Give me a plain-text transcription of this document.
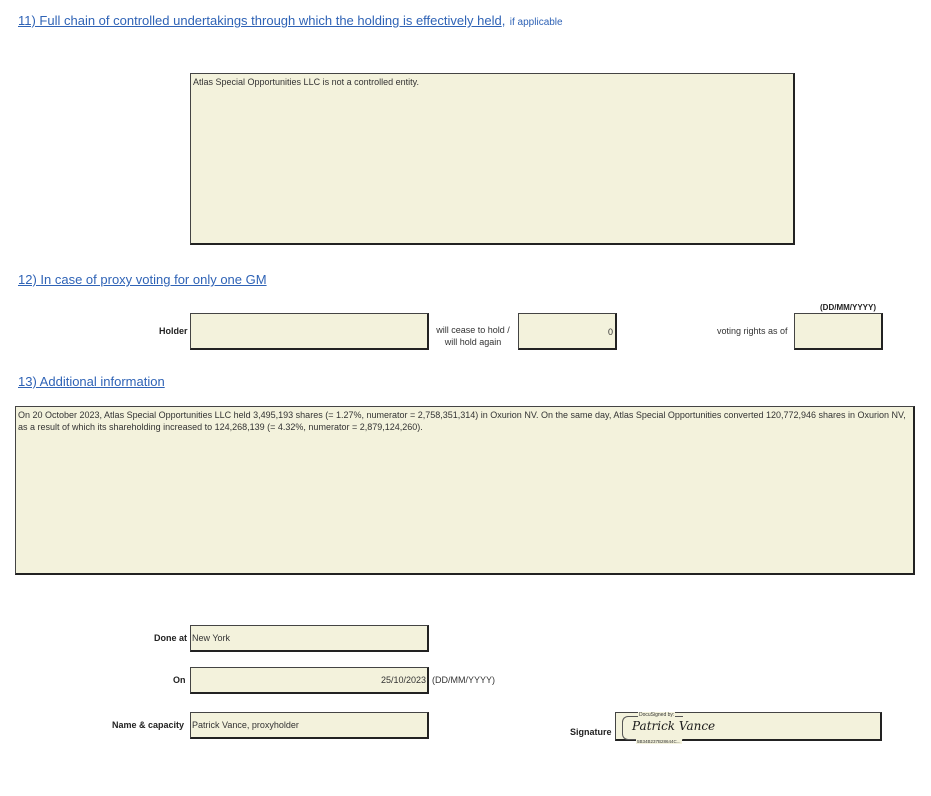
11) Full chain of controlled undertakings through which the holding is effectively held, if applicable
Atlas Special Opportunities LLC is not a controlled entity.
12) In case of proxy voting for only one GM
Holder	will cease to hold /
will hold again
0
(DD/MM/YYYY)
voting rights as of
13) Additional information
On 20 October 2023, Atlas Special Opportunities LLC held 3,495,193 shares (= 1.27%, numerator = 2,758,351,314) in Oxurion NV. On the same day, Atlas Special Opportunities converted 120,772,946 shares in Oxurion NV, as a result of which its shareholding increased to 124,268,139 (= 4.32%, numerator = 2,879,124,260).
Done at New York
On	25/10/2023 (DD/MM/YYYY)
Name & capacity Patrick Vance, proxyholder
Signature
DocuSigned by:
Patrick Vance
5B34B237B28644C...
